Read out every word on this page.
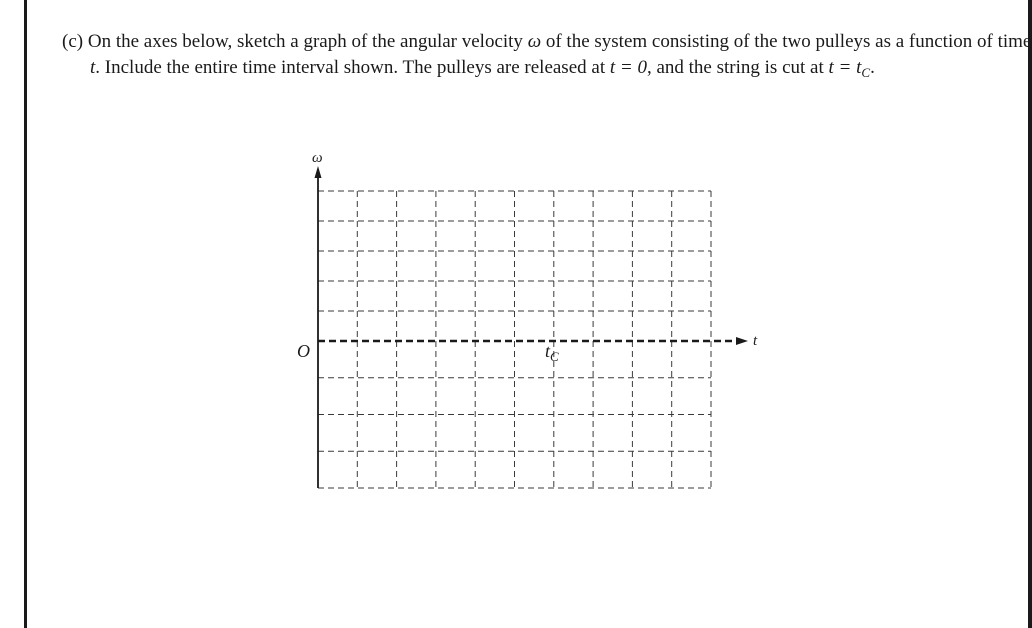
(c) On the axes below, sketch a graph of the angular velocity ω of the system consisting of the two pulleys as a function of time t. Include the entire time interval shown. The pulleys are released at t = 0, and the string is cut at $t = t_C$.
ω
t
O	$t_C$
